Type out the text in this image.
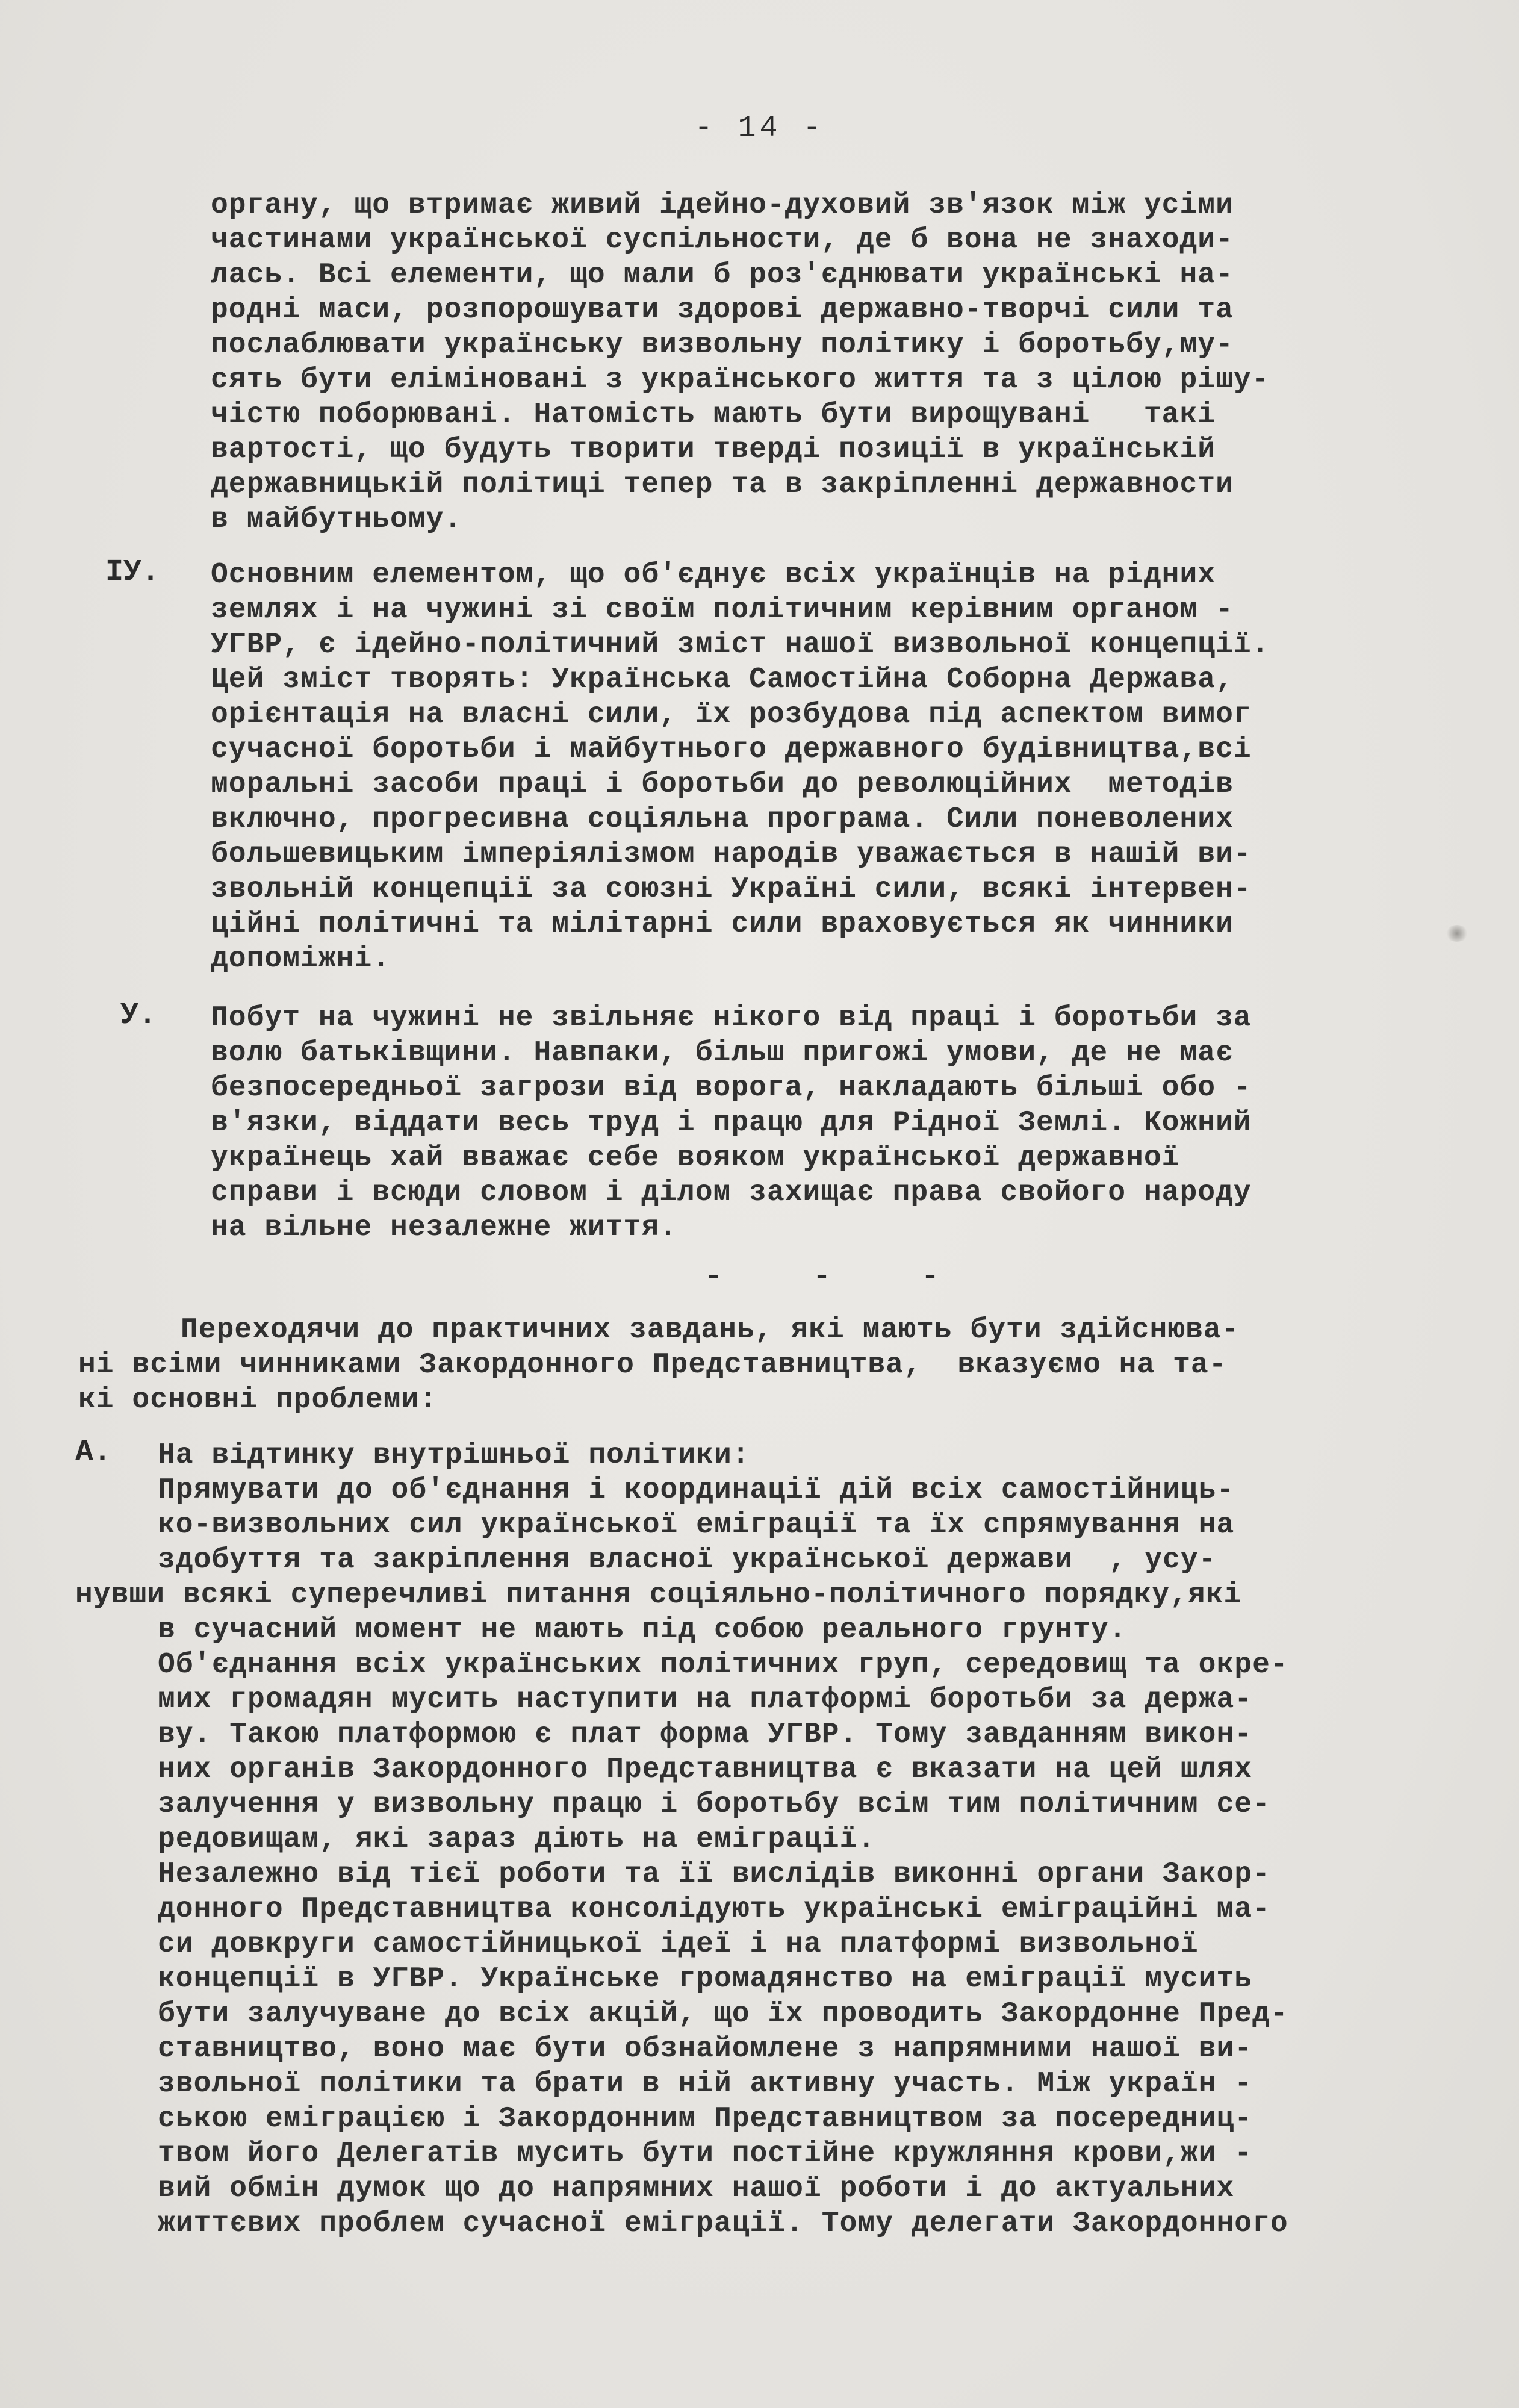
- 14 -
органу, що втримає живий ідейно-духовий зв'язок між усіми
частинами української суспільности, де б вона не знаходи-
лась. Всі елементи, що мали б роз'єднювати українські на-
родні маси, розпорошувати здорові державно-творчі сили та
послаблювати українську визвольну політику і боротьбу,му-
сять бути еліміновані з українського життя та з цілою рішу-
чістю поборювані. Натомість мають бути вирощувані   такі
вартості, що будуть творити тверді позиції в українській
державницькій політиці тепер та в закріпленні державности
в майбутньому.
ІУ. Основним елементом, що об'єднує всіх українців на рідних
землях і на чужині зі своїм політичним керівним органом -
УГВР, є ідейно-політичний зміст нашої визвольної концепції.
Цей зміст творять: Українська Самостійна Соборна Держава,
орієнтація на власні сили, їх розбудова під аспектом вимог
сучасної боротьби і майбутнього державного будівництва,всі
моральні засоби праці і боротьби до революційних  методів
включно, прогресивна соціяльна програма. Сили поневолених
большевицьким імперіялізмом народів уважається в нашій ви-
звольній концепції за союзні Україні сили, всякі інтервен-
ційні політичні та мілітарні сили враховується як чинники
допоміжні.
У. Побут на чужині не звільняє нікого від праці і боротьби за
волю батьківщини. Навпаки, більш пригожі умови, де не має
безпосередньої загрози від ворога, накладають більші обо -
в'язки, віддати весь труд і працю для Рідної Землі. Кожний
українець хай вважає себе вояком української державної
справи і всюди словом і ділом захищає права свойого народу
на вільне незалежне життя.
- - -
Переходячи до практичних завдань, які мають бути здійснюва-
ні всіми чинниками Закордонного Представництва,  вказуємо на та-
кі основні проблеми:
А. На відтинку внутрішньої політики:
Прямувати до об'єднання і координації дій всіх самостійниць-
ко-визвольних сил української еміграції та їх спрямування на
здобуття та закріплення власної української держави  , усу-
нувши всякі суперечливі питання соціяльно-політичного порядку,які
в сучасний момент не мають під собою реального грунту.
Об'єднання всіх українських політичних груп, середовищ та окре-
мих громадян мусить наступити на платформі боротьби за держа-
ву. Такою платформою є плат форма УГВР. Тому завданням викон-
них органів Закордонного Представництва є вказати на цей шлях
залучення у визвольну працю і боротьбу всім тим політичним се-
редовищам, які зараз діють на еміграції.
Незалежно від тієї роботи та її вислідів виконні органи Закор-
донного Представництва консолідують українські еміграційні ма-
си довкруги самостійницької ідеї і на платформі визвольної
концепції в УГВР. Українське громадянство на еміграції мусить
бути залучуване до всіх акцій, що їх проводить Закордонне Пред-
ставництво, воно має бути обзнайомлене з напрямними нашої ви-
звольної політики та брати в ній активну участь. Між україн -
ською еміграцією і Закордонним Представництвом за посередниц-
твом його Делегатів мусить бути постійне кружляння крови,жи -
вий обмін думок що до напрямних нашої роботи і до актуальних
життєвих проблем сучасної еміграції. Тому делегати Закордонного
